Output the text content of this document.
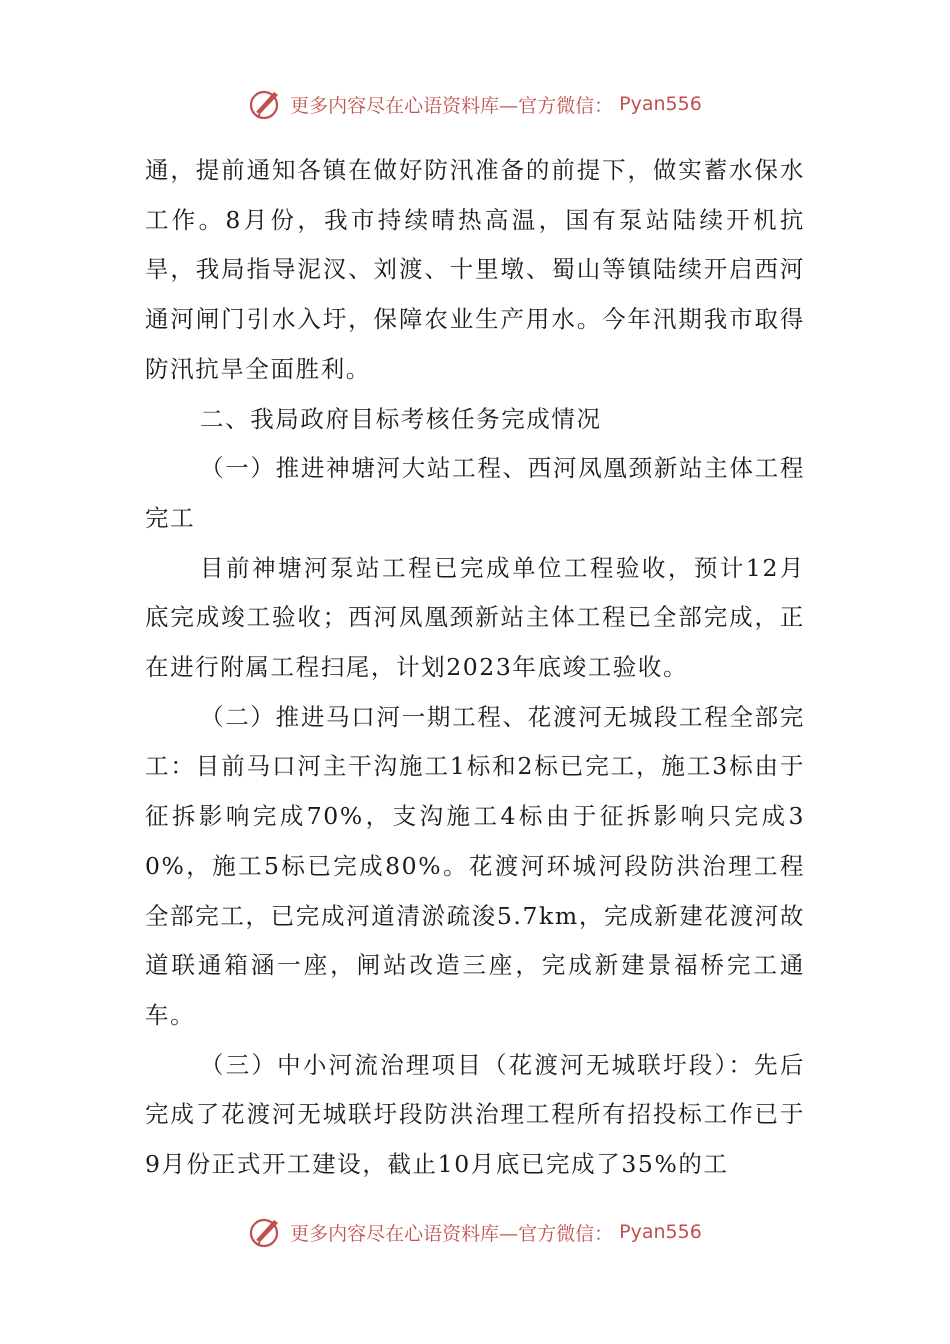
更多内容尽在心语资料库—官方微信： Pyan556

通，提前通知各镇在做好防汛准备的前提下，做实蓄水保水工作。8月份，我市持续晴热高温，国有泵站陆续开机抗旱，我局指导泥汊、刘渡、十里墩、蜀山等镇陆续开启西河通河闸门引水入圩，保障农业生产用水。今年汛期我市取得防汛抗旱全面胜利。

二、我局政府目标考核任务完成情况

（一）推进神塘河大站工程、西河凤凰颈新站主体工程完工

目前神塘河泵站工程已完成单位工程验收，预计12月底完成竣工验收；西河凤凰颈新站主体工程已全部完成，正在进行附属工程扫尾，计划2023年底竣工验收。

（二）推进马口河一期工程、花渡河无城段工程全部完工：目前马口河主干沟施工1标和2标已完工，施工3标由于征拆影响完成70%，支沟施工4标由于征拆影响只完成30%，施工5标已完成80%。花渡河环城河段防洪治理工程全部完工，已完成河道清淤疏浚5.7km，完成新建花渡河故道联通箱涵一座，闸站改造三座，完成新建景福桥完工通车。

（三）中小河流治理项目（花渡河无城联圩段）：先后完成了花渡河无城联圩段防洪治理工程所有招投标工作已于9月份正式开工建设，截止10月底已完成了35%的工

更多内容尽在心语资料库—官方微信： Pyan556
